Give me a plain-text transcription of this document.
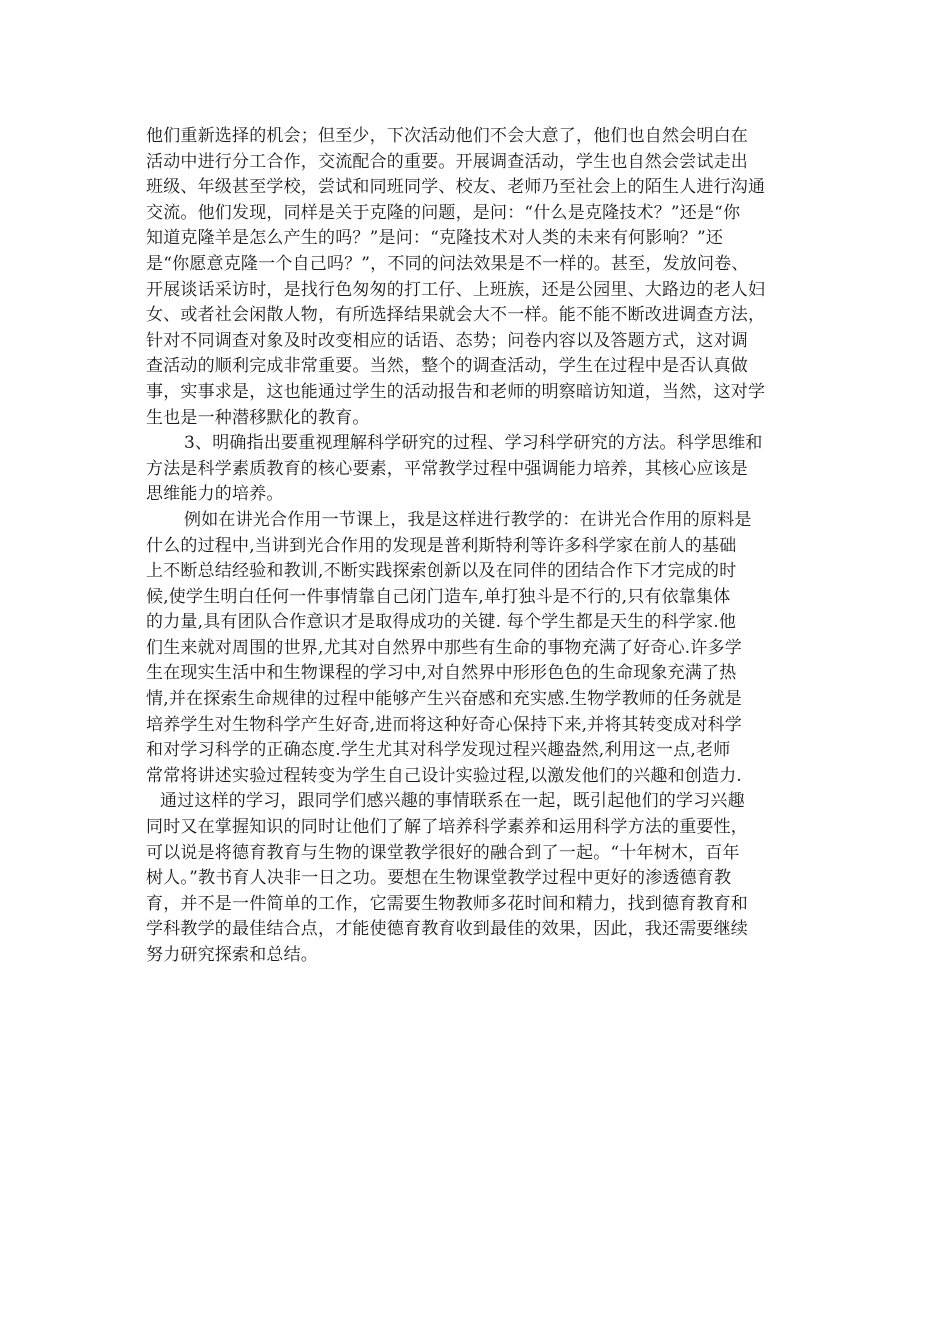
他们重新选择的机会；但至少，下次活动他们不会大意了，他们也自然会明白在
活动中进行分工合作，交流配合的重要。开展调查活动，学生也自然会尝试走出
班级、年级甚至学校，尝试和同班同学、校友、老师乃至社会上的陌生人进行沟通
交流。他们发现，同样是关于克隆的问题，是问：“什么是克隆技术？”还是“你
知道克隆羊是怎么产生的吗？”是问：“克隆技术对人类的未来有何影响？”还
是“你愿意克隆一个自己吗？”，不同的问法效果是不一样的。甚至，发放问卷、
开展谈话采访时，是找行色匆匆的打工仔、上班族，还是公园里、大路边的老人妇
女、或者社会闲散人物，有所选择结果就会大不一样。能不能不断改进调查方法，
针对不同调查对象及时改变相应的话语、态势；问卷内容以及答题方式，这对调
查活动的顺利完成非常重要。当然，整个的调查活动，学生在过程中是否认真做
事，实事求是，这也能通过学生的活动报告和老师的明察暗访知道，当然，这对学
生也是一种潜移默化的教育。
3、明确指出要重视理解科学研究的过程、学习科学研究的方法。科学思维和
方法是科学素质教育的核心要素，平常教学过程中强调能力培养，其核心应该是
思维能力的培养。
例如在讲光合作用一节课上，我是这样进行教学的：在讲光合作用的原料是
什么的过程中,当讲到光合作用的发现是普利斯特利等许多科学家在前人的基础
上不断总结经验和教训,不断实践探索创新以及在同伴的团结合作下才完成的时
候,使学生明白任何一件事情靠自己闭门造车,单打独斗是不行的,只有依靠集体
的力量,具有团队合作意识才是取得成功的关键. 每个学生都是天生的科学家.他
们生来就对周围的世界,尤其对自然界中那些有生命的事物充满了好奇心.许多学
生在现实生活中和生物课程的学习中,对自然界中形形色色的生命现象充满了热
情,并在探索生命规律的过程中能够产生兴奋感和充实感.生物学教师的任务就是
培养学生对生物科学产生好奇,进而将这种好奇心保持下来,并将其转变成对科学
和对学习科学的正确态度.学生尤其对科学发现过程兴趣盎然,利用这一点,老师
常常将讲述实验过程转变为学生自己设计实验过程,以激发他们的兴趣和创造力.
通过这样的学习，跟同学们感兴趣的事情联系在一起，既引起他们的学习兴趣
同时又在掌握知识的同时让他们了解了培养科学素养和运用科学方法的重要性，
可以说是将德育教育与生物的课堂教学很好的融合到了一起。“十年树木，百年
树人。”教书育人决非一日之功。要想在生物课堂教学过程中更好的渗透德育教
育，并不是一件简单的工作，它需要生物教师多花时间和精力，找到德育教育和
学科教学的最佳结合点，才能使德育教育收到最佳的效果，因此，我还需要继续
努力研究探索和总结。
